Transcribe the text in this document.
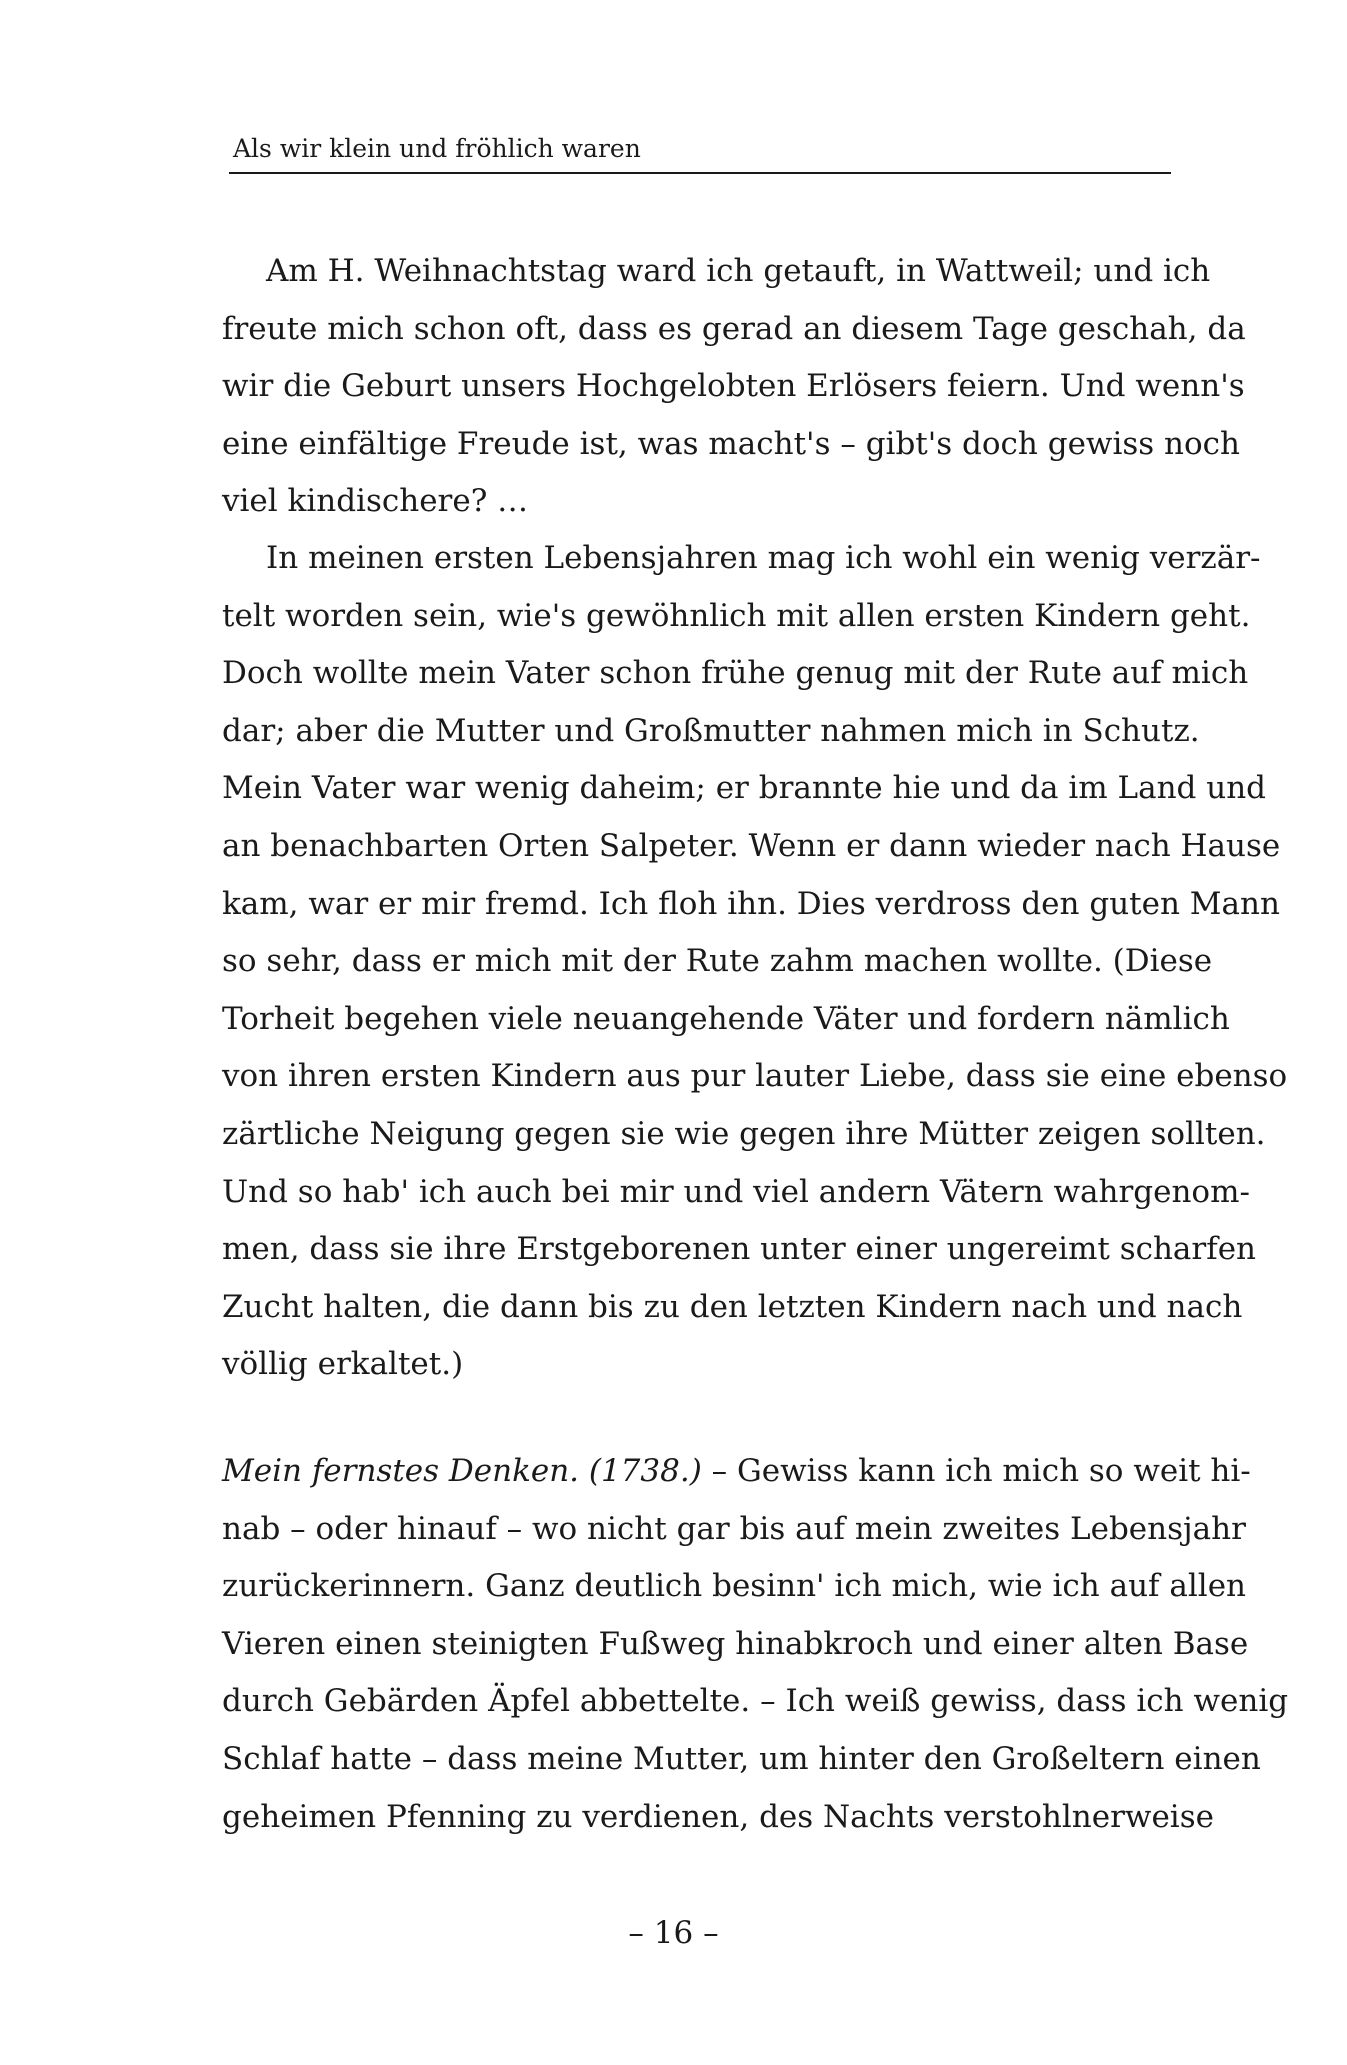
Als wir klein und fröhlich waren
Am H. Weihnachtstag ward ich getauft, in Wattweil; und ich
freute mich schon oft, dass es gerad an diesem Tage geschah, da
wir die Geburt unsers Hochgelobten Erlösers feiern. Und wenn's
eine einfältige Freude ist, was macht's – gibt's doch gewiss noch
viel kindischere? …
In meinen ersten Lebensjahren mag ich wohl ein wenig verzär-
telt worden sein, wie's gewöhnlich mit allen ersten Kindern geht.
Doch wollte mein Vater schon frühe genug mit der Rute auf mich
dar; aber die Mutter und Großmutter nahmen mich in Schutz.
Mein Vater war wenig daheim; er brannte hie und da im Land und
an benachbarten Orten Salpeter. Wenn er dann wieder nach Hause
kam, war er mir fremd. Ich floh ihn. Dies verdross den guten Mann
so sehr, dass er mich mit der Rute zahm machen wollte. (Diese
Torheit begehen viele neuangehende Väter und fordern nämlich
von ihren ersten Kindern aus pur lauter Liebe, dass sie eine ebenso
zärtliche Neigung gegen sie wie gegen ihre Mütter zeigen sollten.
Und so hab' ich auch bei mir und viel andern Vätern wahrgenom-
men, dass sie ihre Erstgeborenen unter einer ungereimt scharfen
Zucht halten, die dann bis zu den letzten Kindern nach und nach
völlig erkaltet.)
Mein fernstes Denken. (1738.) – Gewiss kann ich mich so weit hi-
nab – oder hinauf – wo nicht gar bis auf mein zweites Lebensjahr
zurückerinnern. Ganz deutlich besinn' ich mich, wie ich auf allen
Vieren einen steinigten Fußweg hinabkroch und einer alten Base
durch Gebärden Äpfel abbettelte. – Ich weiß gewiss, dass ich wenig
Schlaf hatte – dass meine Mutter, um hinter den Großeltern einen
geheimen Pfenning zu verdienen, des Nachts verstohlnerweise
– 16 –
